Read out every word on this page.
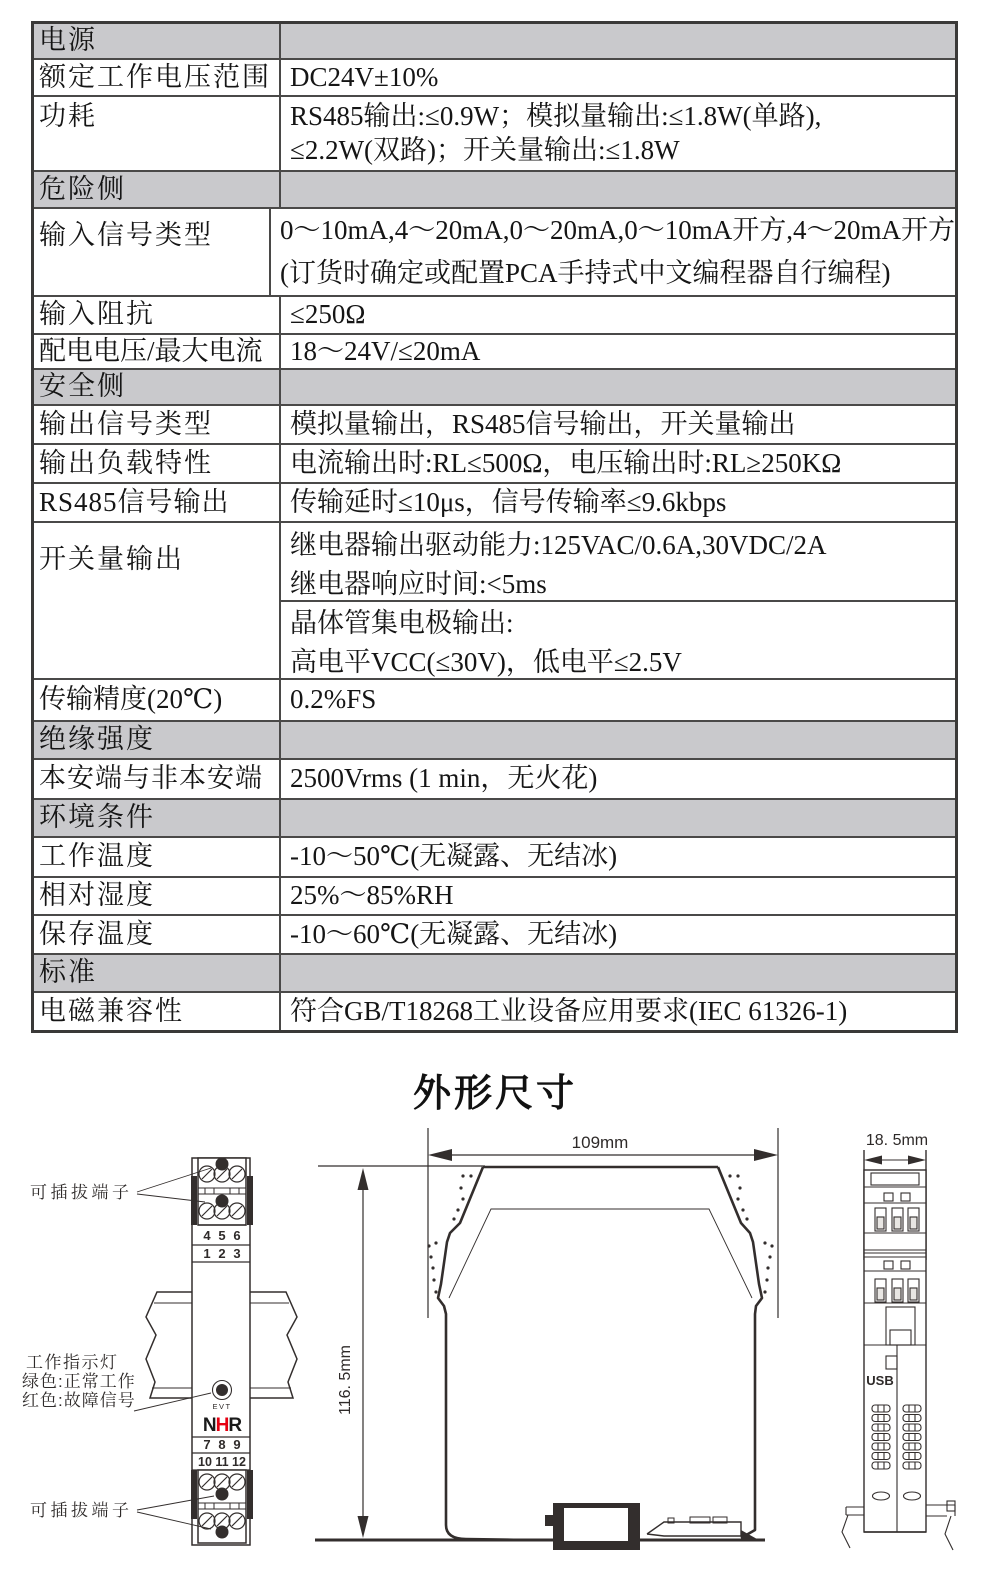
电源
额定工作电压范围 DC24V±10%
功耗	RS485输出:≤0.9W；模拟量输出:≤1.8W(单路),
≤2.2W(双路)；开关量输出:≤1.8W
危险侧
输入信号类型	0～10mA,4～20mA,0～20mA,0～10mA开方,4～20mA开方
(订货时确定或配置PCA手持式中文编程器自行编程)
输入阻抗	≤250Ω
配电电压/最大电流	18～24V/≤20mA
安全侧
输出信号类型	模拟量输出，RS485信号输出，开关量输出
输出负载特性	电流输出时:RL≤500Ω，电压输出时:RL≥250KΩ
RS485信号输出	传输延时≤10μs，信号传输率≤9.6kbps
开关量输出	继电器输出驱动能力:125VAC/0.6A,30VDC/2A
继电器响应时间:<5ms
晶体管集电极输出:
高电平VCC(≤30V)，低电平≤2.5V
传输精度(20℃)	0.2%FS
绝缘强度
本安端与非本安端	2500Vrms (1 min，无火花)
环境条件
工作温度	-10～50℃(无凝露、无结冰)
相对湿度	25%～85%RH
保存温度	-10～60℃(无凝露、无结冰)
标准
电磁兼容性	符合GB/T18268工业设备应用要求(IEC 61326-1)
外形尺寸
4 5 6
1 2 3
EVT
NHR
7 8 9
10 11 12
可插拔端子
工作指示灯
绿色:正常工作
红色:故障信号
可插拔端子
116. 5mm
109mm	18. 5mm
USB
